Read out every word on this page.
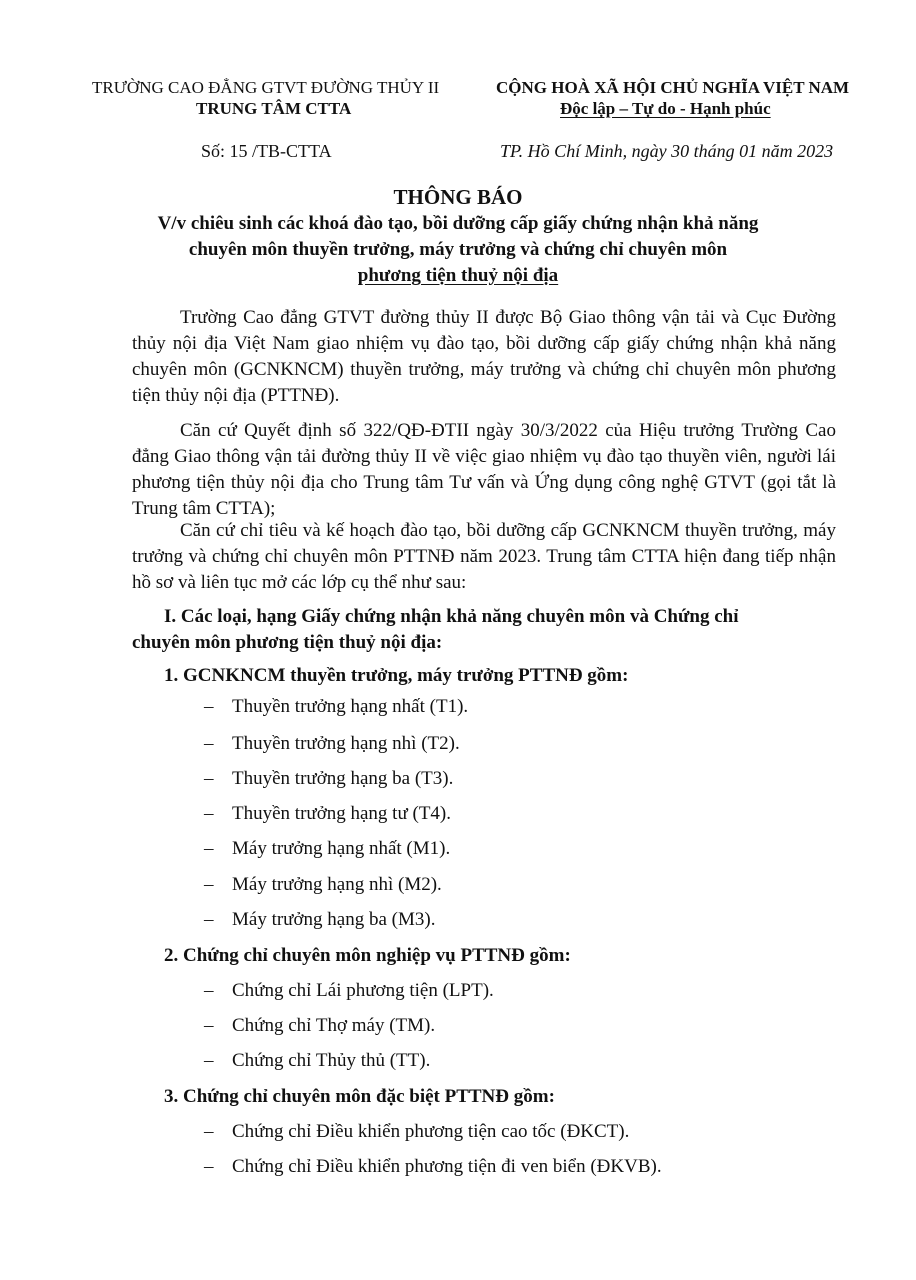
TRƯỜNG CAO ĐẲNG GTVT ĐƯỜNG THỦY II
TRUNG TÂM CTTA
CỘNG HOÀ XÃ HỘI CHỦ NGHĨA VIỆT NAM
Độc lập – Tự do - Hạnh phúc
Số: 15 /TB-CTTA	TP. Hồ Chí Minh, ngày 30 tháng 01 năm 2023
THÔNG BÁO
V/v chiêu sinh các khoá đào tạo, bồi dưỡng cấp giấy chứng nhận khả năng
chuyên môn thuyền trưởng, máy trưởng và chứng chỉ chuyên môn
phương tiện thuỷ nội địa
Trường Cao đẳng GTVT đường thủy II được Bộ Giao thông vận tải và Cục Đường thủy nội địa Việt Nam giao nhiệm vụ đào tạo, bồi dưỡng cấp giấy chứng nhận khả năng chuyên môn (GCNKNCM) thuyền trưởng, máy trưởng và chứng chỉ chuyên môn phương tiện thủy nội địa (PTTNĐ).
Căn cứ Quyết định số 322/QĐ-ĐTII ngày 30/3/2022 của Hiệu trưởng Trường Cao đẳng Giao thông vận tải đường thủy II về việc giao nhiệm vụ đào tạo thuyền viên, người lái phương tiện thủy nội địa cho Trung tâm Tư vấn và Ứng dụng công nghệ GTVT (gọi tắt là Trung tâm CTTA);
Căn cứ chỉ tiêu và kế hoạch đào tạo, bồi dưỡng cấp GCNKNCM thuyền trưởng, máy trưởng và chứng chỉ chuyên môn PTTNĐ năm 2023. Trung tâm CTTA hiện đang tiếp nhận hồ sơ và liên tục mở các lớp cụ thể như sau:
I. Các loại, hạng Giấy chứng nhận khả năng chuyên môn và Chứng chỉ
chuyên môn phương tiện thuỷ nội địa:
1. GCNKNCM thuyền trưởng, máy trưởng PTTNĐ gồm:
– Thuyền trưởng hạng nhất (T1).
– Thuyền trưởng hạng nhì (T2).
– Thuyền trưởng hạng ba (T3).
– Thuyền trưởng hạng tư (T4).
– Máy trưởng hạng nhất (M1).
– Máy trưởng hạng nhì (M2).
– Máy trưởng hạng ba (M3).
2. Chứng chỉ chuyên môn nghiệp vụ PTTNĐ gồm:
– Chứng chỉ Lái phương tiện (LPT).
– Chứng chỉ Thợ máy (TM).
– Chứng chỉ Thủy thủ (TT).
3. Chứng chỉ chuyên môn đặc biệt PTTNĐ gồm:
– Chứng chỉ Điều khiển phương tiện cao tốc (ĐKCT).
– Chứng chỉ Điều khiển phương tiện đi ven biển (ĐKVB).
